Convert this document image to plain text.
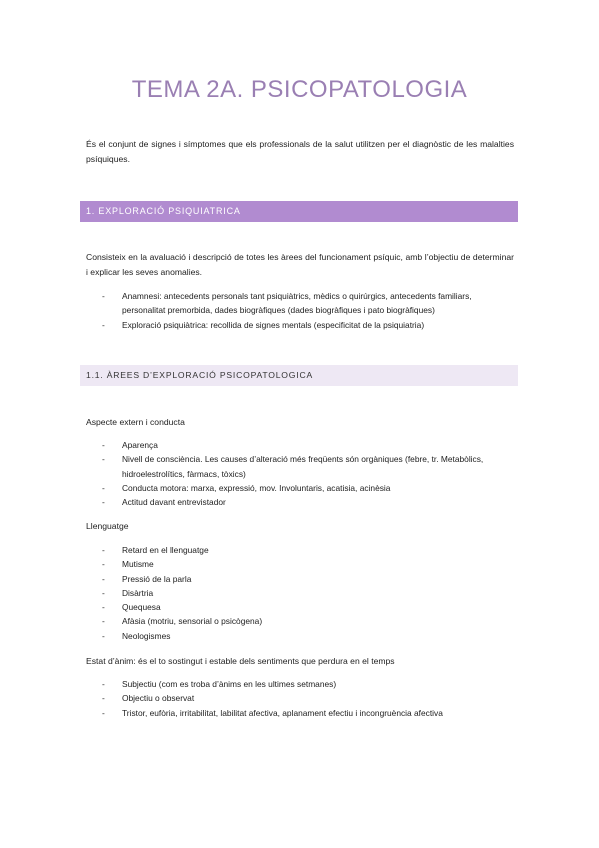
TEMA 2A. PSICOPATOLOGIA

És el conjunt de signes i símptomes que els professionals de la salut utilitzen per el diagnòstic de les malalties psíquiques.

1. EXPLORACIÓ PSIQUIATRICA

Consisteix en la avaluació i descripció de totes les àrees del funcionament psíquic, amb l’objectiu de determinar i explicar les seves anomalies.

- Anamnesi: antecedents personals tant psiquiàtrics, mèdics o quirúrgics, antecedents familiars, personalitat premorbida, dades biogràfiques (dades biogràfiques i pato biogràfiques)
- Exploració psiquiàtrica: recollida de signes mentals (especificitat de la psiquiatria)
1.1. ÀREES D’EXPLORACIÓ PSICOPATOLOGICA

Aspecte extern i conducta

- Aparença
- Nivell de consciència. Les causes d’alteració més freqüents són orgàniques (febre, tr. Metabòlics, hidroelestrolítics, fàrmacs, tòxics)
- Conducta motora: marxa, expressió, mov. Involuntaris, acatisia, acinèsia
- Actitud davant entrevistador

Llenguatge

- Retard en el llenguatge
- Mutisme
- Pressió de la parla
- Disàrtria
- Quequesa
- Afàsia (motriu, sensorial o psicògena)
- Neologismes

Estat d’ànim: és el to sostingut i estable dels sentiments que perdura en el temps

- Subjectiu (com es troba d’ànims en les ultimes setmanes)
- Objectiu o observat
- Tristor, eufòria, irritabilitat, labilitat afectiva, aplanament efectiu i incongruència afectiva
